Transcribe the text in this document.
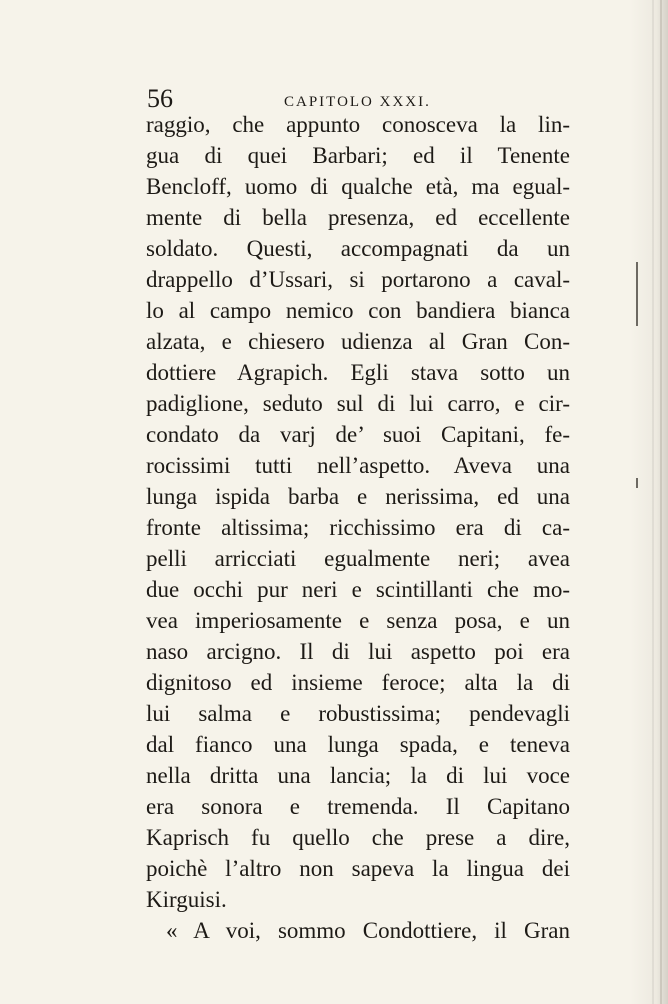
56	CAPITOLO XXXI.
raggio, che appunto conosceva la lin-
gua di quei Barbari; ed il Tenente
Bencloff, uomo di qualche età, ma egual-
mente di bella presenza, ed eccellente
soldato. Questi, accompagnati da un
drappello d’Ussari, si portarono a caval-
lo al campo nemico con bandiera bianca
alzata, e chiesero udienza al Gran Con-
dottiere Agrapich. Egli stava sotto un
padiglione, seduto sul di lui carro, e cir-
condato da varj de’ suoi Capitani, fe-
rocissimi tutti nell’aspetto. Aveva una
lunga ispida barba e nerissima, ed una
fronte altissima; ricchissimo era di ca-
pelli arricciati egualmente neri; avea
due occhi pur neri e scintillanti che mo-
vea imperiosamente e senza posa, e un
naso arcigno. Il di lui aspetto poi era
dignitoso ed insieme feroce; alta la di
lui salma e robustissima; pendevagli
dal fianco una lunga spada, e teneva
nella dritta una lancia; la di lui voce
era sonora e tremenda. Il Capitano
Kaprisch fu quello che prese a dire,
poichè l’altro non sapeva la lingua dei
Kirguisi.
« A voi, sommo Condottiere, il Gran
